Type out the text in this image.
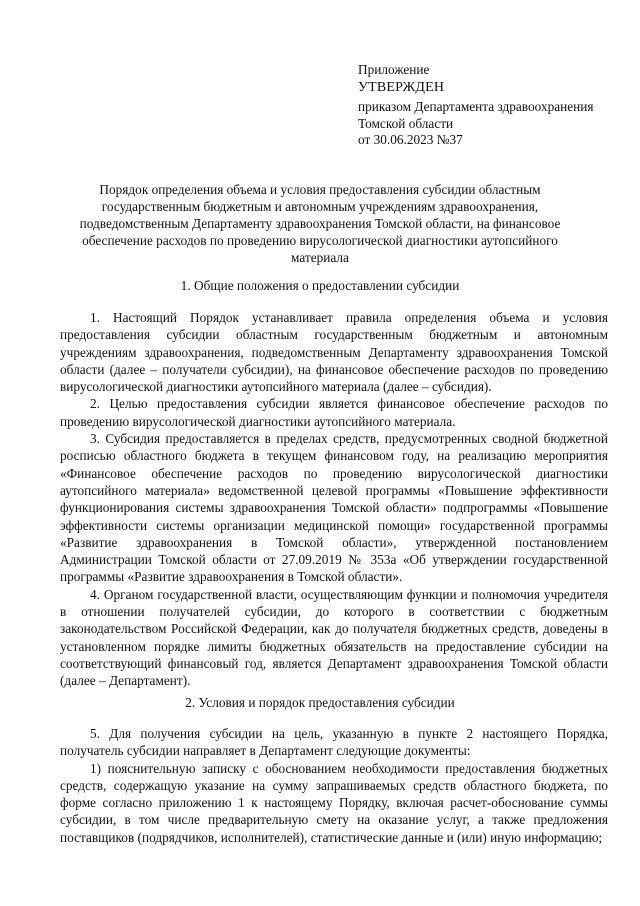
Приложение
УТВЕРЖДЕН
приказом Департамента здравоохранения
Томской области
от 30.06.2023 №37
Порядок определения объема и условия предоставления субсидии областным государственным бюджетным и автономным учреждениям здравоохранения, подведомственным Департаменту здравоохранения Томской области, на финансовое обеспечение расходов по проведению вирусологической диагностики аутопсийного материала
1. Общие положения о предоставлении субсидии

1. Настоящий Порядок устанавливает правила определения объема и условия предоставления субсидии областным государственным бюджетным и автономным учреждениям здравоохранения, подведомственным Департаменту здравоохранения Томской области (далее – получатели субсидии), на финансовое обеспечение расходов по проведению вирусологической диагностики аутопсийного материала (далее – субсидия).

2. Целью предоставления субсидии является финансовое обеспечение расходов по проведению вирусологической диагностики аутопсийного материала.

3. Субсидия предоставляется в пределах средств, предусмотренных сводной бюджетной росписью областного бюджета в текущем финансовом году, на реализацию мероприятия «Финансовое обеспечение расходов по проведению вирусологической диагностики аутопсийного материала» ведомственной целевой программы «Повышение эффективности функционирования системы здравоохранения Томской области» подпрограммы «Повышение эффективности системы организации медицинской помощи» государственной программы «Развитие здравоохранения в Томской области», утвержденной постановлением Администрации Томской области от 27.09.2019 № 353а «Об утверждении государственной программы «Развитие здравоохранения в Томской области».

4. Органом государственной власти, осуществляющим функции и полномочия учредителя в отношении получателей субсидии, до которого в соответствии с бюджетным законодательством Российской Федерации, как до получателя бюджетных средств, доведены в установленном порядке лимиты бюджетных обязательств на предоставление субсидии на соответствующий финансовый год, является Департамент здравоохранения Томской области (далее – Департамент).

2. Условия и порядок предоставления субсидии

5. Для получения субсидии на цель, указанную в пункте 2 настоящего Порядка, получатель субсидии направляет в Департамент следующие документы:

1) пояснительную записку с обоснованием необходимости предоставления бюджетных средств, содержащую указание на сумму запрашиваемых средств областного бюджета, по форме согласно приложению 1 к настоящему Порядку, включая расчет-обоснование суммы субсидии, в том числе предварительную смету на оказание услуг, а также предложения поставщиков (подрядчиков, исполнителей), статистические данные и (или) иную информацию;
